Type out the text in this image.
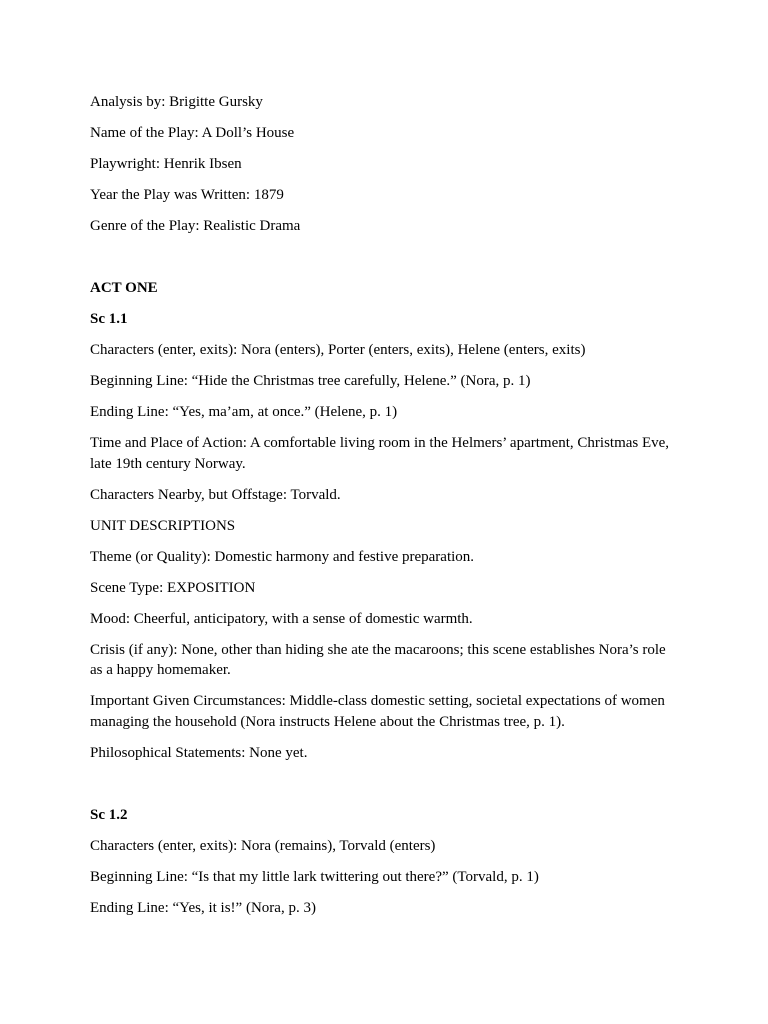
Analysis by: Brigitte Gursky
Name of the Play: A Doll’s House
Playwright: Henrik Ibsen
Year the Play was Written: 1879
Genre of the Play: Realistic Drama
ACT ONE
Sc 1.1
Characters (enter, exits): Nora (enters), Porter (enters, exits), Helene (enters, exits)
Beginning Line: “Hide the Christmas tree carefully, Helene.” (Nora, p. 1)
Ending Line: “Yes, ma’am, at once.” (Helene, p. 1)
Time and Place of Action: A comfortable living room in the Helmers’ apartment, Christmas Eve, late 19th century Norway.
Characters Nearby, but Offstage: Torvald.
UNIT DESCRIPTIONS
Theme (or Quality): Domestic harmony and festive preparation.
Scene Type: EXPOSITION
Mood: Cheerful, anticipatory, with a sense of domestic warmth.
Crisis (if any): None, other than hiding she ate the macaroons; this scene establishes Nora’s role as a happy homemaker.
Important Given Circumstances: Middle-class domestic setting, societal expectations of women managing the household (Nora instructs Helene about the Christmas tree, p. 1).
Philosophical Statements: None yet.
Sc 1.2
Characters (enter, exits): Nora (remains), Torvald (enters)
Beginning Line: “Is that my little lark twittering out there?” (Torvald, p. 1)
Ending Line: “Yes, it is!” (Nora, p. 3)
